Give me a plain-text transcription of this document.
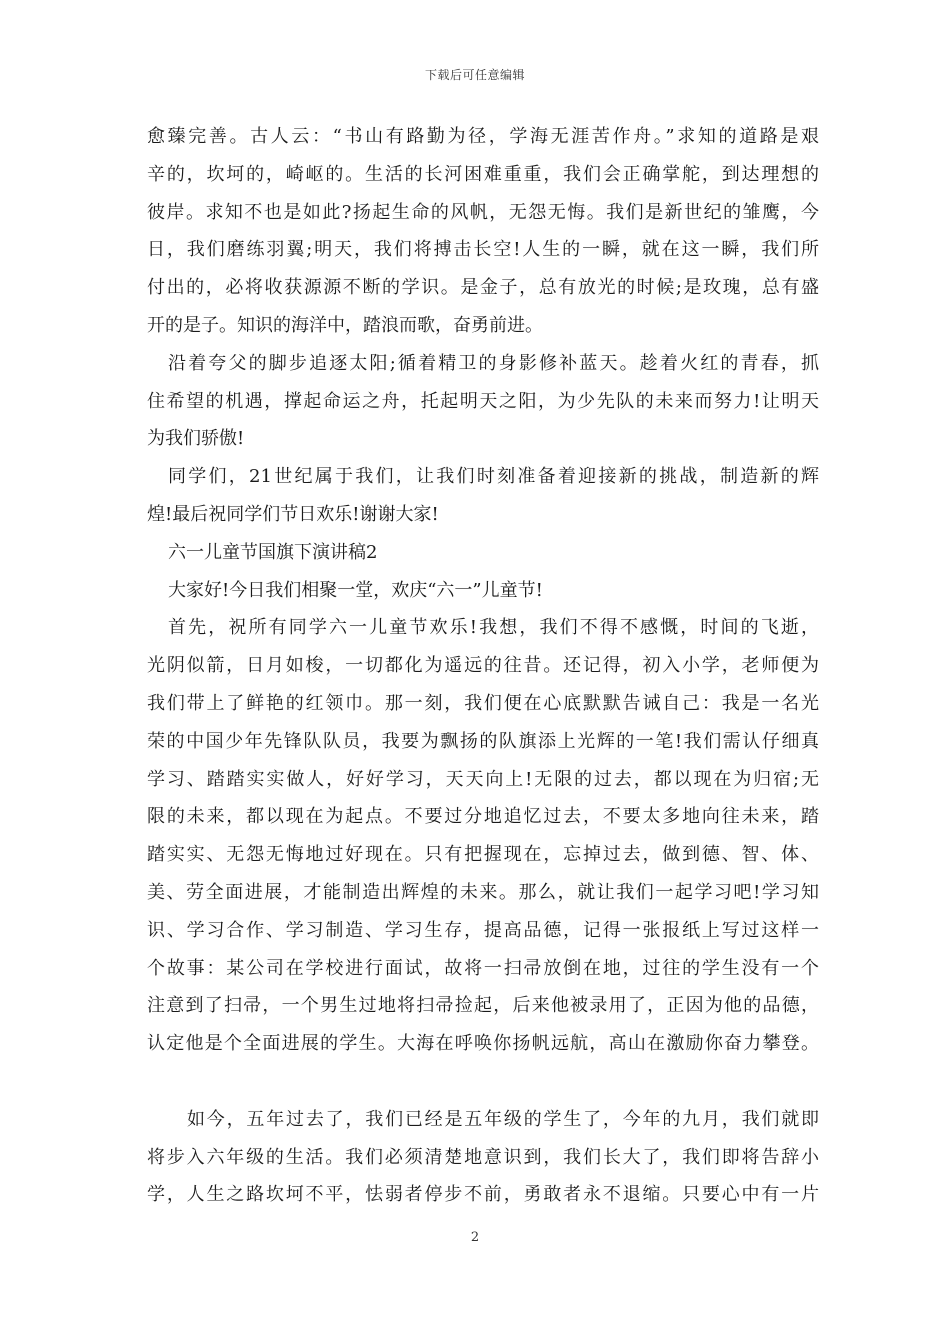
下载后可任意编辑
愈臻完善。古人云：“书山有路勤为径，学海无涯苦作舟。”求知的道路是艰
辛的，坎坷的，崎岖的。生活的长河困难重重，我们会正确掌舵，到达理想的
彼岸。求知不也是如此?扬起生命的风帆，无怨无悔。我们是新世纪的雏鹰，今
日，我们磨练羽翼;明天，我们将搏击长空!人生的一瞬，就在这一瞬，我们所
付出的，必将收获源源不断的学识。是金子，总有放光的时候;是玫瑰，总有盛
开的是子。知识的海洋中，踏浪而歌，奋勇前进。
沿着夸父的脚步追逐太阳;循着精卫的身影修补蓝天。趁着火红的青春，抓
住希望的机遇，撑起命运之舟，托起明天之阳，为少先队的未来而努力!让明天
为我们骄傲!
同学们，21世纪属于我们，让我们时刻准备着迎接新的挑战，制造新的辉
煌!最后祝同学们节日欢乐!谢谢大家!
六一儿童节国旗下演讲稿2
大家好!今日我们相聚一堂，欢庆“六一”儿童节!
首先，祝所有同学六一儿童节欢乐!我想，我们不得不感慨，时间的飞逝，
光阴似箭，日月如梭，一切都化为遥远的往昔。还记得，初入小学，老师便为
我们带上了鲜艳的红领巾。那一刻，我们便在心底默默告诫自己：我是一名光
荣的中国少年先锋队队员，我要为飘扬的队旗添上光辉的一笔!我们需认仔细真
学习、踏踏实实做人，好好学习，天天向上!无限的过去，都以现在为归宿;无
限的未来，都以现在为起点。不要过分地追忆过去，不要太多地向往未来，踏
踏实实、无怨无悔地过好现在。只有把握现在，忘掉过去，做到德、智、体、
美、劳全面进展，才能制造出辉煌的未来。那么，就让我们一起学习吧!学习知
识、学习合作、学习制造、学习生存，提高品德，记得一张报纸上写过这样一
个故事：某公司在学校进行面试，故将一扫帚放倒在地，过往的学生没有一个
注意到了扫帚，一个男生过地将扫帚捡起，后来他被录用了，正因为他的品德，
认定他是个全面进展的学生。大海在呼唤你扬帆远航，高山在激励你奋力攀登。
如今，五年过去了，我们已经是五年级的学生了，今年的九月，我们就即
将步入六年级的生活。我们必须清楚地意识到，我们长大了，我们即将告辞小
学，人生之路坎坷不平，怯弱者停步不前，勇敢者永不退缩。只要心中有一片
2
